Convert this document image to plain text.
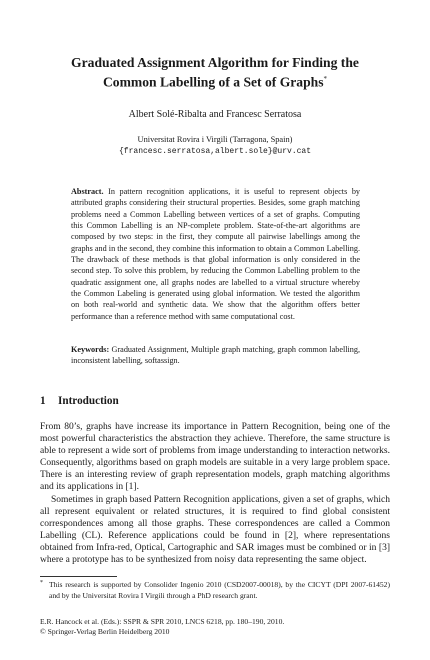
Graduated Assignment Algorithm for Finding the
Common Labelling of a Set of Graphs*
Albert Solé-Ribalta and Francesc Serratosa
Universitat Rovira i Virgili (Tarragona, Spain)
{francesc.serratosa,albert.sole}@urv.cat
Abstract. In pattern recognition applications, it is useful to represent objects by attributed graphs considering their structural properties. Besides, some graph matching problems need a Common Labelling between vertices of a set of graphs. Computing this Common Labelling is an NP-complete problem. State-of-the-art algorithms are composed by two steps: in the first, they compute all pairwise labellings among the graphs and in the second, they combine this information to obtain a Common Labelling. The drawback of these methods is that global information is only considered in the second step. To solve this problem, by reducing the Common Labelling problem to the quadratic assignment one, all graphs nodes are labelled to a virtual structure whereby the Common Labeling is generated using global information. We tested the algorithm on both real-world and synthetic data. We show that the algorithm offers better performance than a reference method with same computational cost.
Keywords: Graduated Assignment, Multiple graph matching, graph common labelling, inconsistent labelling, softassign.
1 Introduction

From 80’s, graphs have increase its importance in Pattern Recognition, being one of the most powerful characteristics the abstraction they achieve. Therefore, the same structure is able to represent a wide sort of problems from image understanding to interaction networks. Consequently, algorithms based on graph models are suitable in a very large problem space. There is an interesting review of graph representation models, graph matching algorithms and its applications in [1].

Sometimes in graph based Pattern Recognition applications, given a set of graphs, which all represent equivalent or related structures, it is required to find global consistent correspondences among all those graphs. These correspondences are called a Common Labelling (CL). Reference applications could be found in [2], where representations obtained from Infra-red, Optical, Cartographic and SAR images must be combined or in [3] where a prototype has to be synthesized from noisy data representing the same object.

* This research is supported by Consolider Ingenio 2010 (CSD2007-00018), by the CICYT (DPI 2007-61452) and by the Universitat Rovira I Virgili through a PhD research grant.
E.R. Hancock et al. (Eds.): SSPR & SPR 2010, LNCS 6218, pp. 180–190, 2010.
© Springer-Verlag Berlin Heidelberg 2010
